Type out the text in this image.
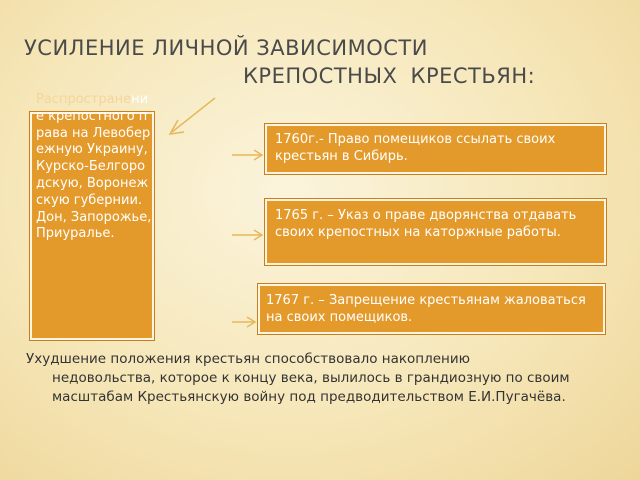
УСИЛЕНИЕ ЛИЧНОЙ ЗАВИСИМОСТИ
КРЕПОСТНЫХ КРЕСТЬЯН:
Распространение крепостного права на Левобережную Украину, Курско-Белгородскую, Воронежскую губернии. Дон, Запорожье, Приуралье.
1760г.- Право помещиков ссылать своих крестьян в Сибирь.
1765 г. – Указ о праве дворянства отдавать своих крепостных на каторжные работы.
1767 г. – Запрещение крестьянам жаловаться на своих помещиков.
Ухудшение положения крестьян способствовало накоплению
недовольства, которое к концу века, вылилось в грандиозную по своим масштабам Крестьянскую войну под предводительством Е.И.Пугачёва.
